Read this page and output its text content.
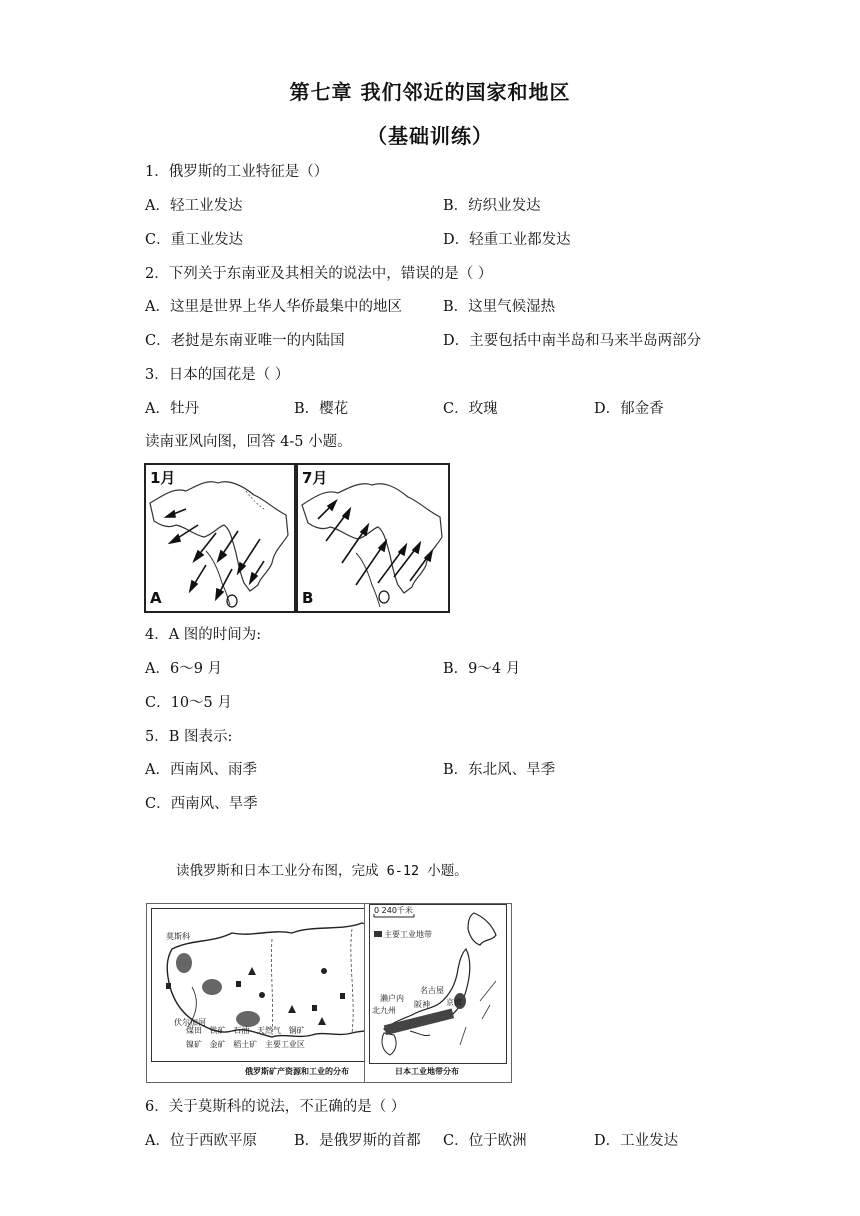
第七章 我们邻近的国家和地区
（基础训练）
1．俄罗斯的工业特征是（）
A．轻工业发达	B．纺织业发达
C．重工业发达	D．轻重工业都发达
2．下列关于东南亚及其相关的说法中，错误的是（ ）
A．这里是世界上华人华侨最集中的地区	B．这里气候湿热
C．老挝是东南亚唯一的内陆国	D．主要包括中南半岛和马来半岛两部分
3．日本的国花是（ ）
A．牡丹	B．樱花	C．玫瑰	D．郁金香
读南亚风向图，回答 4-5 小题。
1月
A
7月
B
4．A 图的时间为:
A．6～9 月	B．9～4 月
C．10～5 月
5．B 图表示:
A．西南风、雨季	B．东北风、旱季
C．西南风、旱季
读俄罗斯和日本工业分布图，完成 6-12 小题。
莫斯科
伏尔加河
煤田 铁矿 石油 天然气 铜矿
镍矿 金矿 稻土矿 主要工业区
俄罗斯矿产资源和工业的分布
0 240千米
主要工业地带
名古屋
濑户内
阪神 京滨
北九州
日本工业地带分布
6．关于莫斯科的说法，不正确的是（ ）
A．位于西欧平原	B．是俄罗斯的首都 C．位于欧洲	D．工业发达
